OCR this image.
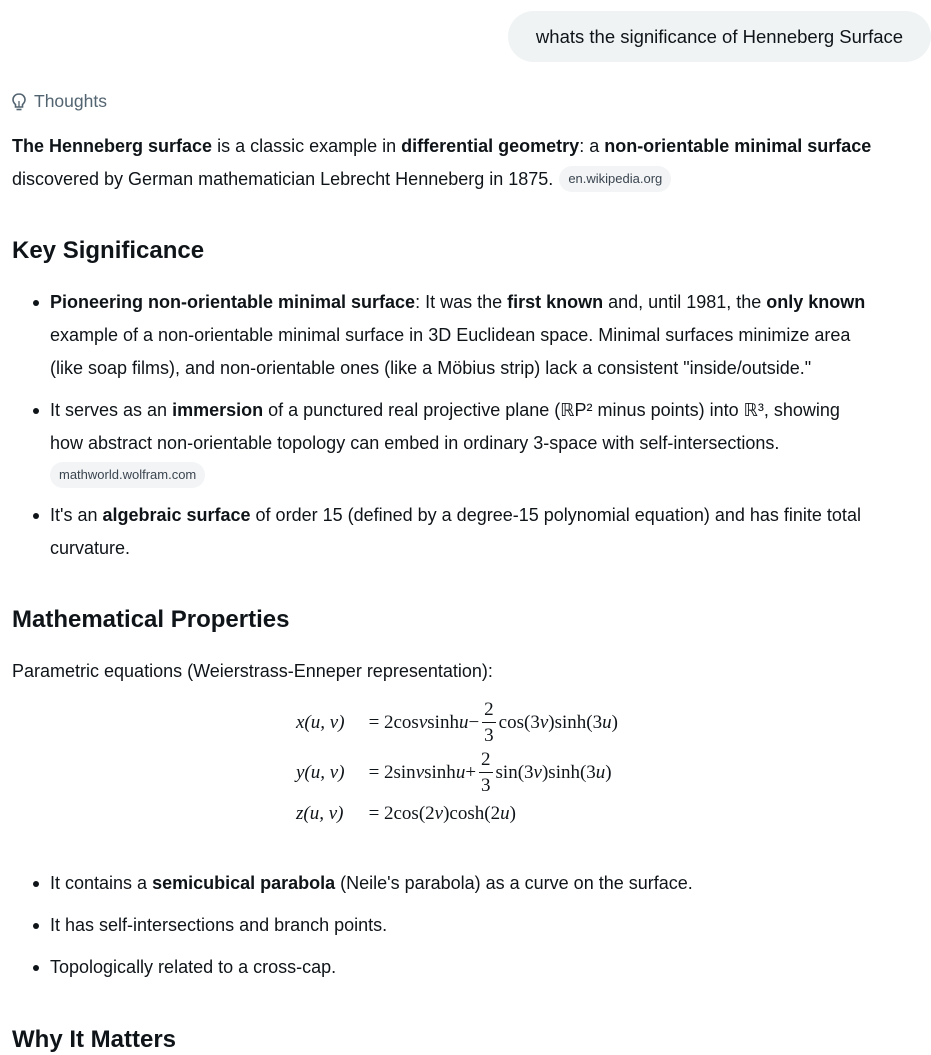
whats the significance of Henneberg Surface
Thoughts
The Henneberg surface is a classic example in differential geometry: a non-orientable minimal surface
discovered by German mathematician Lebrecht Henneberg in 1875. en.wikipedia.org
Key Significance
Pioneering non-orientable minimal surface: It was the first known and, until 1981, the only known
example of a non-orientable minimal surface in 3D Euclidean space. Minimal surfaces minimize area
(like soap films), and non-orientable ones (like a Möbius strip) lack a consistent "inside/outside."
It serves as an immersion of a punctured real projective plane (ℝP² minus points) into ℝ³, showing
how abstract non-orientable topology can embed in ordinary 3-space with self-intersections.
mathworld.wolfram.com
It's an algebraic surface of order 15 (defined by a degree-15 polynomial equation) and has finite total
curvature.
Mathematical Properties
Parametric equations (Weierstrass-Enneper representation):
x(u, v)	= 2cos v $\sinh u - \frac{2}{3} \cos(3$ v )sinh(3 u )
y(u, v)	= 2sin v $\sinh u + \frac{2}{3} \sin(3$ v )sinh(3 u )
z(u, v)	= 2cos(2 v )cosh(2 u )
It contains a semicubical parabola (Neile's parabola) as a curve on the surface.
It has self-intersections and branch points.
Topologically related to a cross-cap.
Why It Matters
